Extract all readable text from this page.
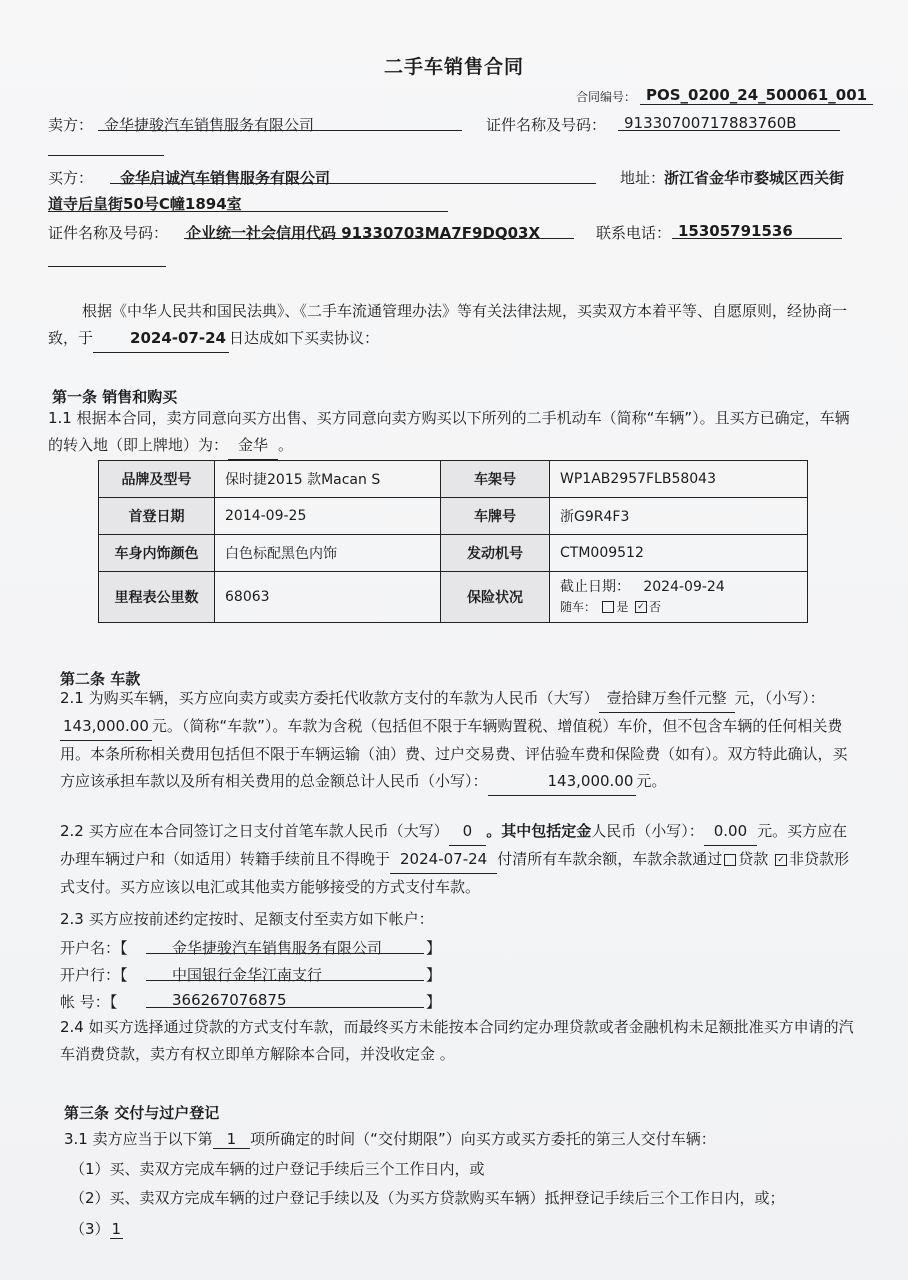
二手车销售合同
合同编号： POS_0200_24_500061_001
卖方： 金华捷骏汽车销售服务有限公司	证件名称及号码： 91330700717883760B
买方： 金华启诚汽车销售服务有限公司	地址：
浙江省金华市婺城区西关街
道寺后皇街50号C幢1894室
证件名称及号码： 企业统一社会信用代码 91330703MA7F9DQ03X	联系电话： 15305791536
根据《中华人民共和国民法典》、《二手车流通管理办法》等有关法律法规，买卖双方本着平等、自愿原则，经协商一致，于 2024-07-24 日达成如下买卖协议：
第一条 销售和购买
1.1 根据本合同，卖方同意向买方出售、买方同意向卖方购买以下所列的二手机动车（简称“车辆”）。且买方已确定，车辆的转入地（即上牌地）为： 金华 。
品牌及型号	保时捷2015 款Macan S	车架号	WP1AB2957FLB58043
首登日期	2014-09-25	车牌号	浙G9R4F3
车身内饰颜色	白色标配黑色内饰	发动机号	CTM009512
里程表公里数	68063	保险状况	截止日期： 2024-09-24
随车： 是 ✓ 否
第二条 车款
2.1 为购买车辆，买方应向卖方或卖方委托代收款方支付的车款为人民币（大写） 壹拾肆万叁仟元整 元，（小写）：143,000.00 元。（简称“车款”）。车款为含税（包括但不限于车辆购置税、增值税）车价，但不包含车辆的任何相关费用。本条所称相关费用包括但不限于车辆运输（油）费、过户交易费、评估验车费和保险费（如有）。双方特此确认，买方应该承担车款以及所有相关费用的总金额总计人民币（小写）：	143,000.00 元。
2.2 买方应在本合同签订之日支付首笔车款人民币（大写） 0 。其中包括定金人民币（小写）： 0.00 元。买方应在办理车辆过户和（如适用）转籍手续前且不得晚于 2024-07-24 付清所有车款余额，车款余款通过 贷款 ✓ 非贷款形式支付。买方应该以电汇或其他卖方能够接受的方式支付车款。
2.3 买方应按前述约定按时、足额支付至卖方如下帐户：
开户名：【	金华捷骏汽车销售服务有限公司	】
开户行：【	中国银行金华江南支行	】
帐 号：【	366267076875	】
2.4 如买方选择通过贷款的方式支付车款，而最终买方未能按本合同约定办理贷款或者金融机构未足额批准买方申请的汽车消费贷款，卖方有权立即单方解除本合同，并没收定金 。
第三条 交付与过户登记
3.1 卖方应当于以下第 1 项所确定的时间（“交付期限”）向买方或买方委托的第三人交付车辆：
（1）买、卖双方完成车辆的过户登记手续后三个工作日内，或
（2）买、卖双方完成车辆的过户登记手续以及（为买方贷款购买车辆）抵押登记手续后三个工作日内，或；
（3） 1
